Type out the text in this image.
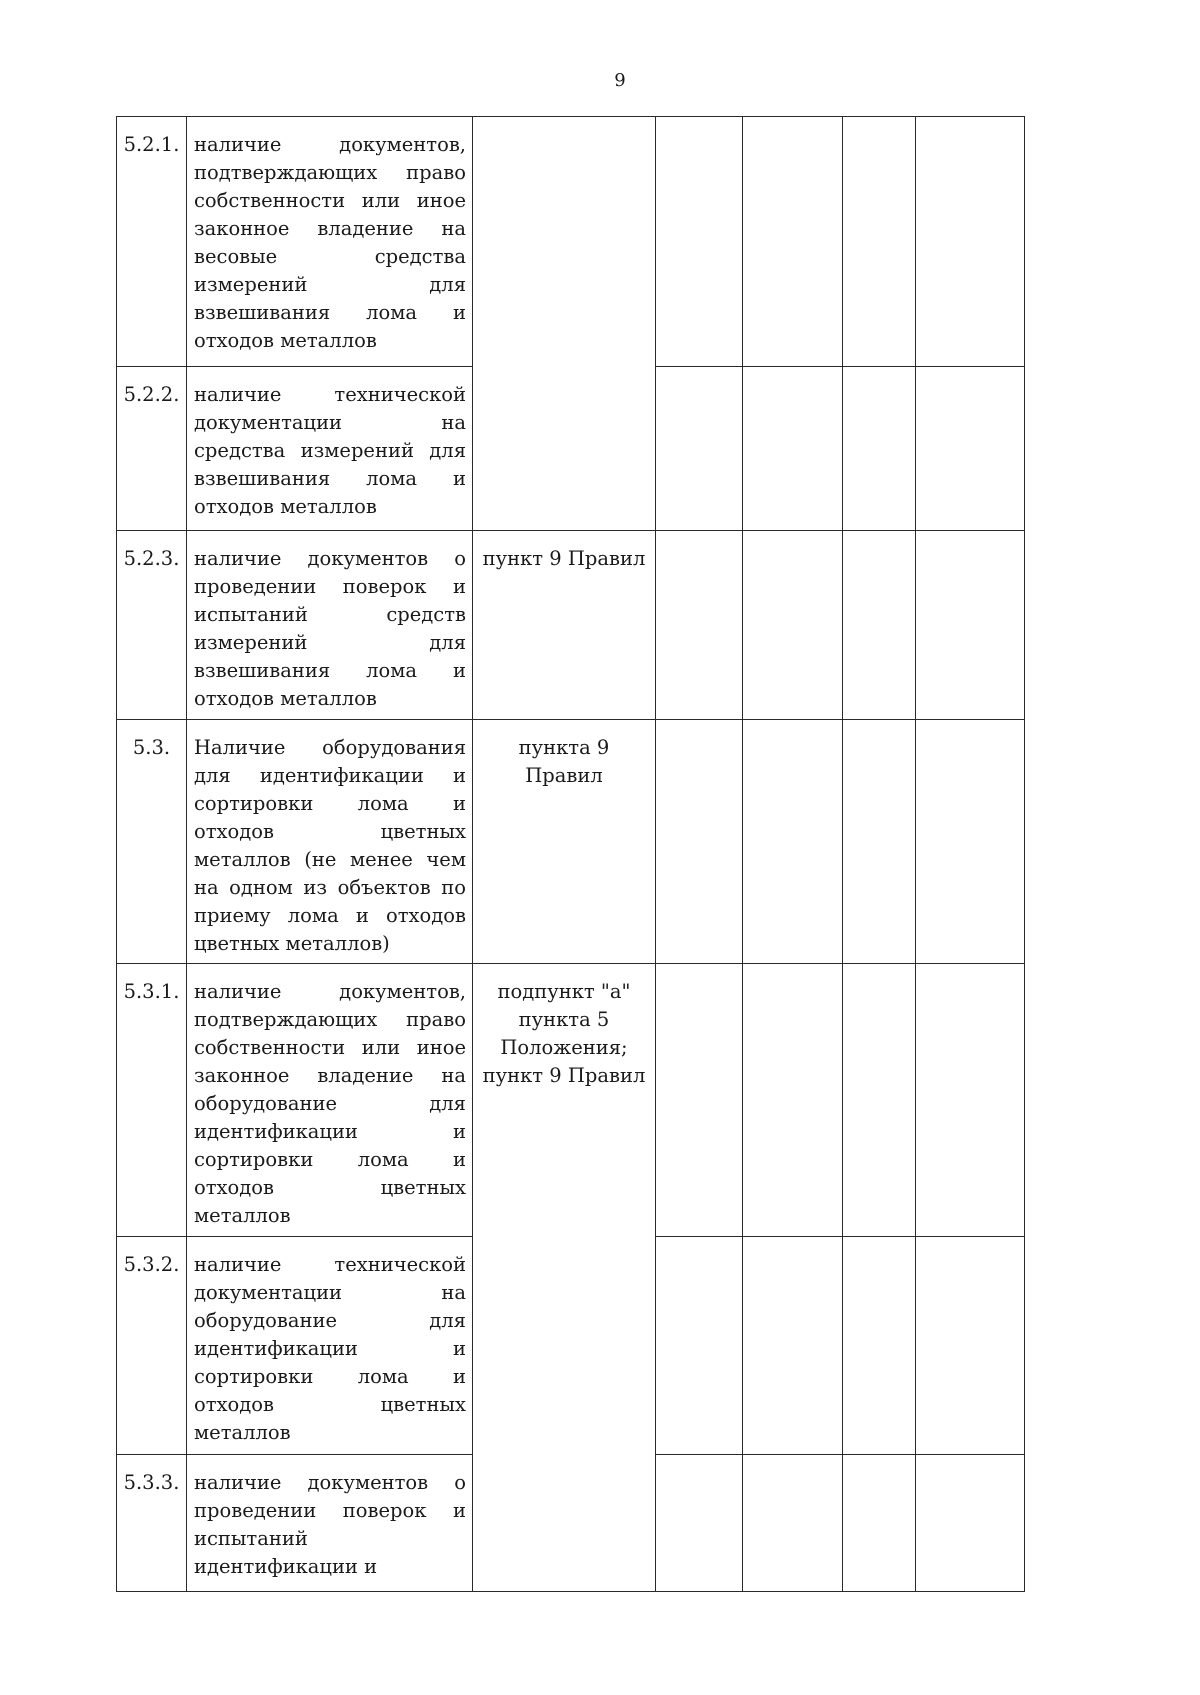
9
5.2.1.	наличие документов, подтверждающих право собственности или иное законное владение на весовые средства измерений для взвешивания лома и отходов металлов					
5.2.2.	наличие технической документации на средства измерений для взвешивания лома и отходов металлов					
5.2.3.	наличие документов о проведении поверок и испытаний средств измерений для взвешивания лома и отходов металлов	пункт 9 Правил				
5.3.	Наличие оборудования для идентификации и сортировки лома и отходов цветных металлов (не менее чем на одном из объектов по приему лома и отходов цветных металлов)	пункта 9 Правил				
5.3.1.	наличие документов, подтверждающих право собственности или иное законное владение на оборудование для идентификации и сортировки лома и отходов цветных металлов	подпункт "а" пункта 5 Положения; пункт 9 Правил				
5.3.2.	наличие технической документации на оборудование для идентификации и сортировки лома и отходов цветных металлов					
5.3.3.	наличие документов о проведении поверок и испытаний идентификации и					
